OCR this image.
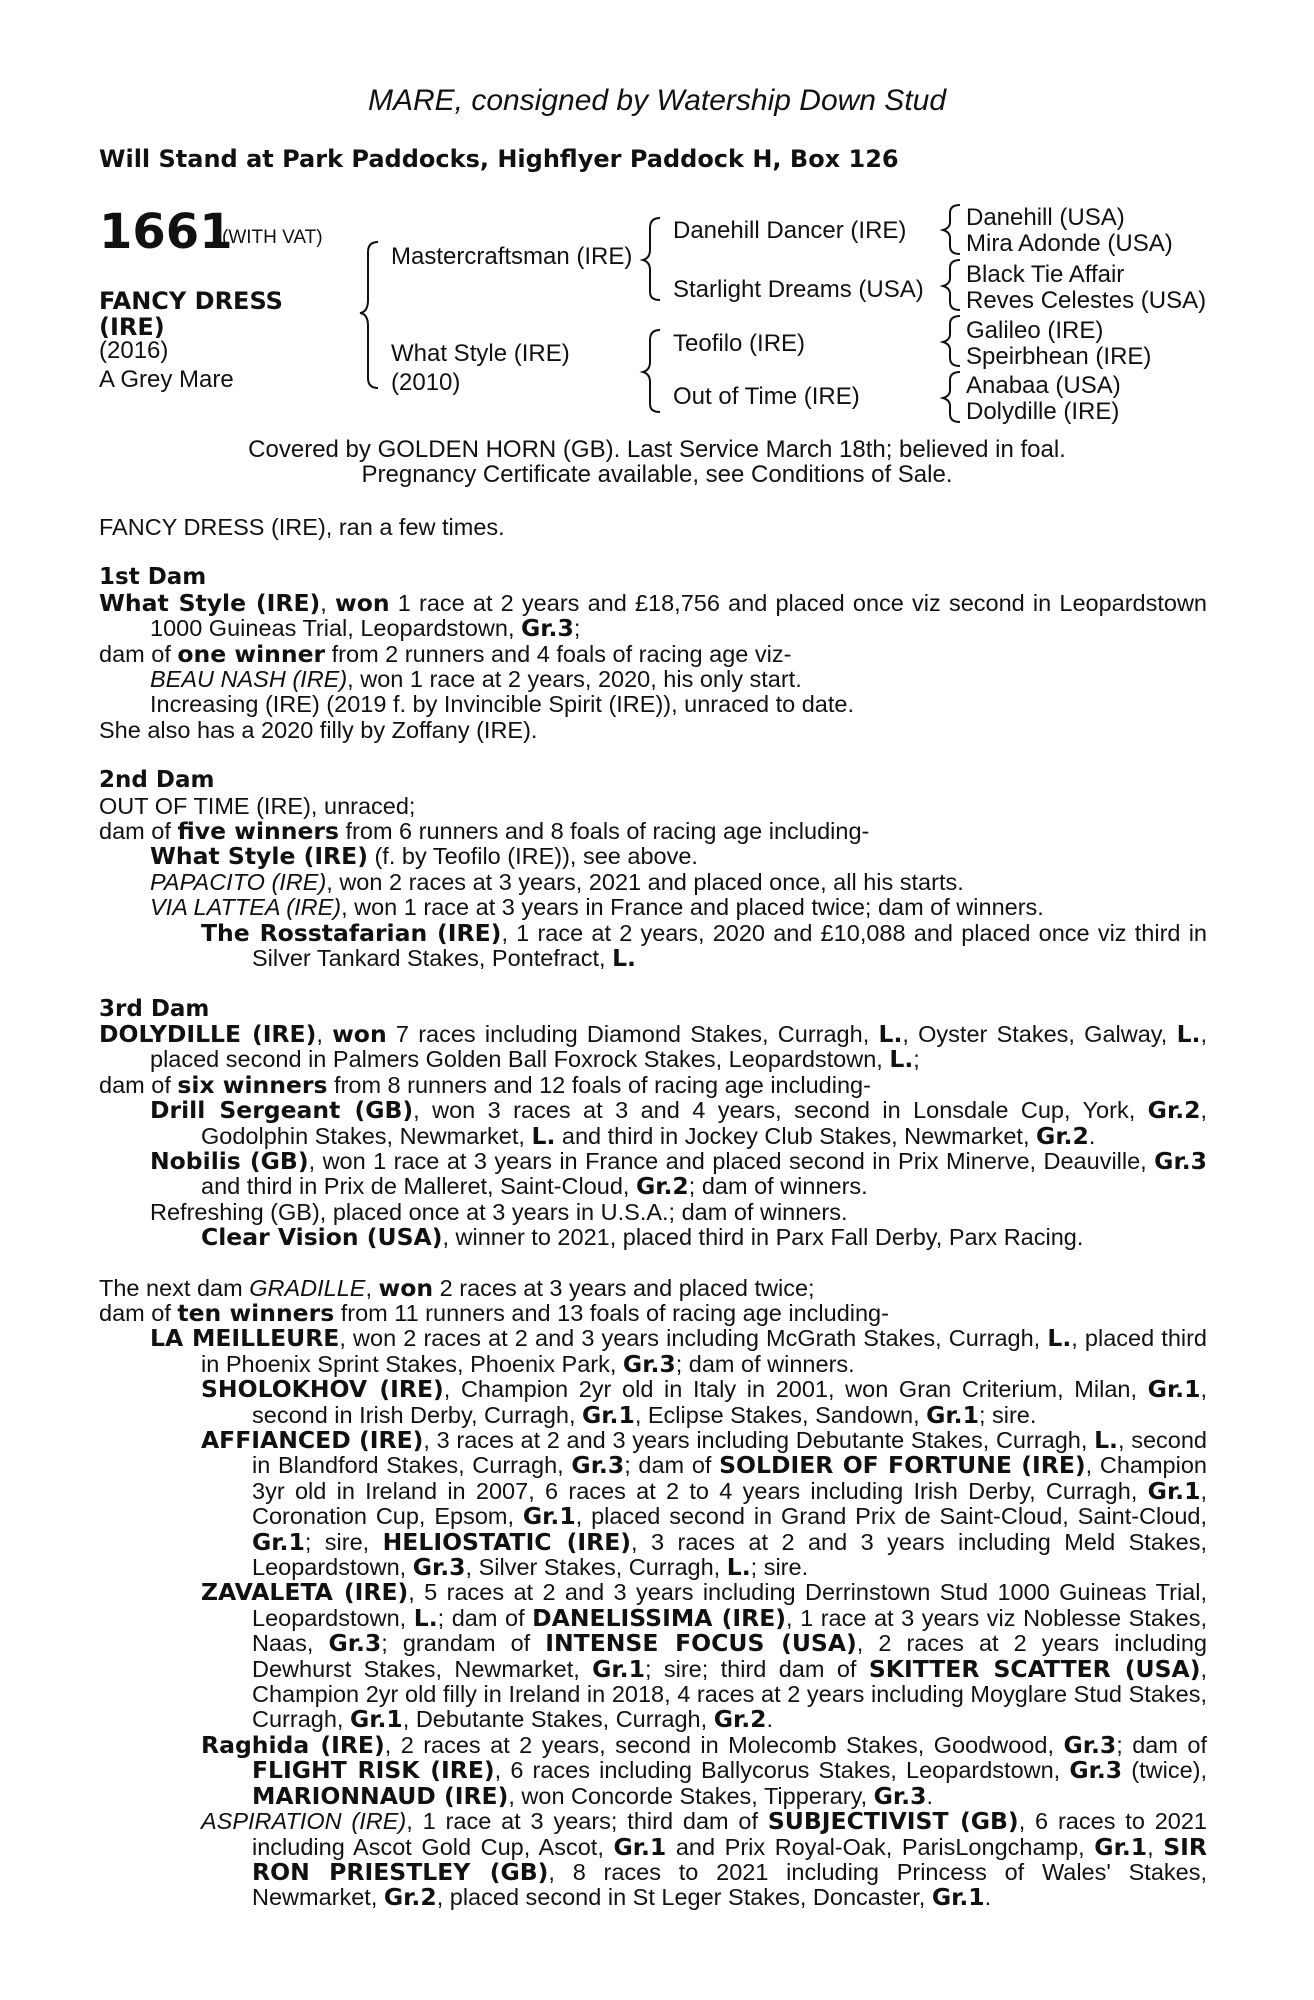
MARE, consigned by Watership Down Stud
Will Stand at Park Paddocks, Highflyer Paddock H, Box 126
1661
(WITH VAT)
FANCY DRESS (IRE)
(2016)
A Grey Mare
Mastercraftsman (IRE)
What Style (IRE)
(2010)
Danehill Dancer (IRE)
Starlight Dreams (USA)
Teofilo (IRE)
Out of Time (IRE)
Danehill (USA)
Mira Adonde (USA)
Black Tie Affair
Reves Celestes (USA)
Galileo (IRE)
Speirbhean (IRE)
Anabaa (USA)
Dolydille (IRE)
Covered by GOLDEN HORN (GB). Last Service March 18th; believed in foal.
Pregnancy Certificate available, see Conditions of Sale.

FANCY DRESS (IRE), ran a few times.

1st Dam

What Style (IRE), won 1 race at 2 years and £18,756 and placed once viz second in Leopardstown 1000 Guineas Trial, Leopardstown, Gr.3;

dam of one winner from 2 runners and 4 foals of racing age viz-

BEAU NASH (IRE), won 1 race at 2 years, 2020, his only start.

Increasing (IRE) (2019 f. by Invincible Spirit (IRE)), unraced to date.

She also has a 2020 filly by Zoffany (IRE).

2nd Dam

OUT OF TIME (IRE), unraced;

dam of five winners from 6 runners and 8 foals of racing age including-

What Style (IRE) (f. by Teofilo (IRE)), see above.

PAPACITO (IRE), won 2 races at 3 years, 2021 and placed once, all his starts.

VIA LATTEA (IRE), won 1 race at 3 years in France and placed twice; dam of winners.

The Rosstafarian (IRE), 1 race at 2 years, 2020 and £10,088 and placed once viz third in Silver Tankard Stakes, Pontefract, L.

3rd Dam

DOLYDILLE (IRE), won 7 races including Diamond Stakes, Curragh, L., Oyster Stakes, Galway, L., placed second in Palmers Golden Ball Foxrock Stakes, Leopardstown, L.;

dam of six winners from 8 runners and 12 foals of racing age including-

Drill Sergeant (GB), won 3 races at 3 and 4 years, second in Lonsdale Cup, York, Gr.2, Godolphin Stakes, Newmarket, L. and third in Jockey Club Stakes, Newmarket, Gr.2.

Nobilis (GB), won 1 race at 3 years in France and placed second in Prix Minerve, Deauville, Gr.3 and third in Prix de Malleret, Saint-Cloud, Gr.2; dam of winners.

Refreshing (GB), placed once at 3 years in U.S.A.; dam of winners.

Clear Vision (USA), winner to 2021, placed third in Parx Fall Derby, Parx Racing.

The next dam GRADILLE, won 2 races at 3 years and placed twice;

dam of ten winners from 11 runners and 13 foals of racing age including-

LA MEILLEURE, won 2 races at 2 and 3 years including McGrath Stakes, Curragh, L., placed third in Phoenix Sprint Stakes, Phoenix Park, Gr.3; dam of winners.

SHOLOKHOV (IRE), Champion 2yr old in Italy in 2001, won Gran Criterium, Milan, Gr.1, second in Irish Derby, Curragh, Gr.1, Eclipse Stakes, Sandown, Gr.1; sire.

AFFIANCED (IRE), 3 races at 2 and 3 years including Debutante Stakes, Curragh, L., second in Blandford Stakes, Curragh, Gr.3; dam of SOLDIER OF FORTUNE (IRE), Champion 3yr old in Ireland in 2007, 6 races at 2 to 4 years including Irish Derby, Curragh, Gr.1, Coronation Cup, Epsom, Gr.1, placed second in Grand Prix de Saint-Cloud, Saint-Cloud, Gr.1; sire, HELIOSTATIC (IRE), 3 races at 2 and 3 years including Meld Stakes, Leopardstown, Gr.3, Silver Stakes, Curragh, L.; sire.

ZAVALETA (IRE), 5 races at 2 and 3 years including Derrinstown Stud 1000 Guineas Trial, Leopardstown, L.; dam of DANELISSIMA (IRE), 1 race at 3 years viz Noblesse Stakes, Naas, Gr.3; grandam of INTENSE FOCUS (USA), 2 races at 2 years including Dewhurst Stakes, Newmarket, Gr.1; sire; third dam of SKITTER SCATTER (USA), Champion 2yr old filly in Ireland in 2018, 4 races at 2 years including Moyglare Stud Stakes, Curragh, Gr.1, Debutante Stakes, Curragh, Gr.2.

Raghida (IRE), 2 races at 2 years, second in Molecomb Stakes, Goodwood, Gr.3; dam of FLIGHT RISK (IRE), 6 races including Ballycorus Stakes, Leopardstown, Gr.3 (twice), MARIONNAUD (IRE), won Concorde Stakes, Tipperary, Gr.3.

ASPIRATION (IRE), 1 race at 3 years; third dam of SUBJECTIVIST (GB), 6 races to 2021 including Ascot Gold Cup, Ascot, Gr.1 and Prix Royal-Oak, ParisLongchamp, Gr.1, SIR RON PRIESTLEY (GB), 8 races to 2021 including Princess of Wales' Stakes, Newmarket, Gr.2, placed second in St Leger Stakes, Doncaster, Gr.1.
